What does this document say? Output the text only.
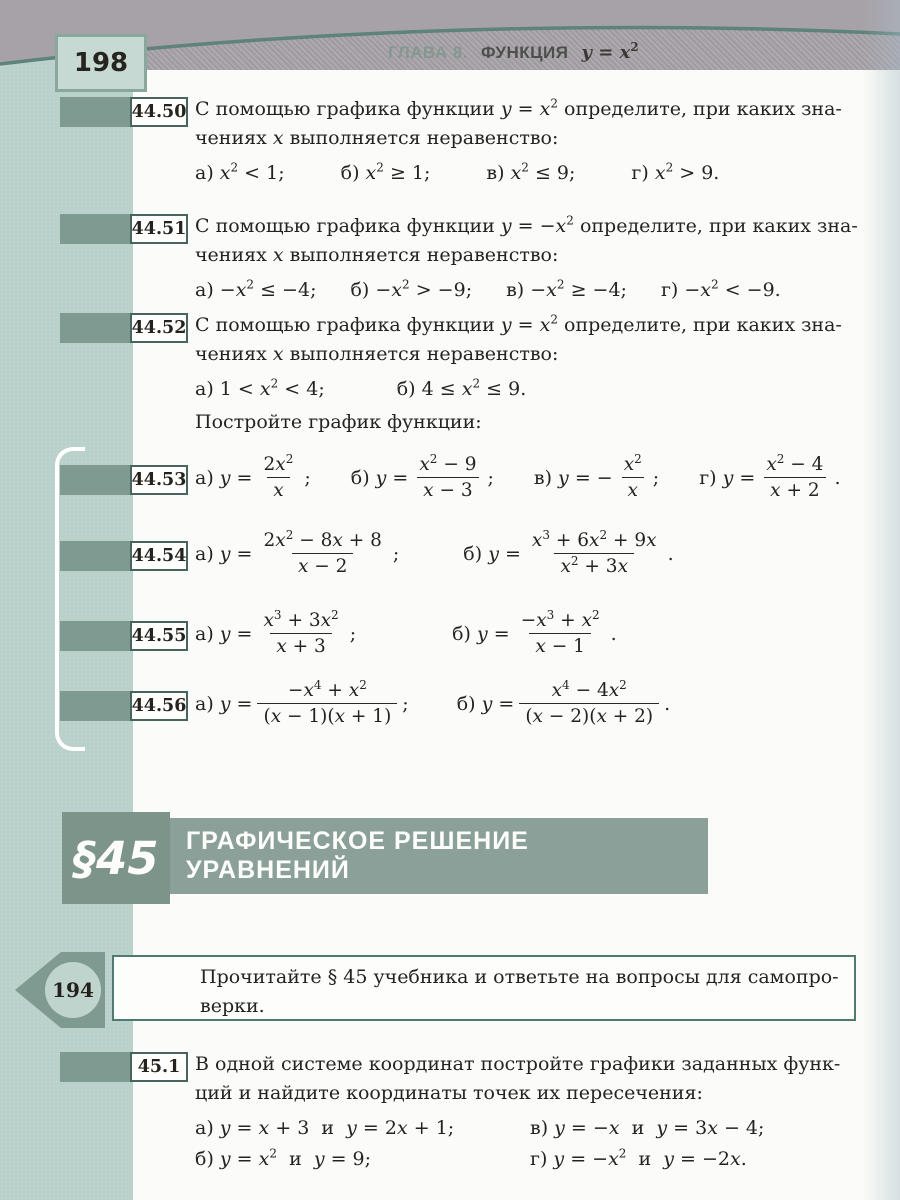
198	ГЛАВА 8. ФУНКЦИЯ $y = x^2$
44.50 С помощью графика функции $y = x^2$ определите, при каких зна-
чениях x выполняется неравенство:
а) $x^2 < 1$;	б) $x^2 \ge 1$;	в) $x^2 \le 9$;	г) $x^2 > 9$.
44.51 С помощью графика функции $y = -x^2$ определите, при каких зна-
чениях x выполняется неравенство:
$а) -x^2 \le -4$; $б) -x^2 > -9$; $в) -x^2 \ge -4$; $г) -x^2 < -9$.
44.52 С помощью графика функции $y = x^2$ определите, при каких зна-
чениях x выполняется неравенство:
а) $1 < x^2 < 4$;	б) $4 \le x^2 \le 9$.
Постройте график функции:
44.53 а) $y = \frac{2x^2}{x}$ ; б) $y = \frac{x^2 - 9}{x - 3}$ ; в) y = − $\frac{x^2}{x}$ ; г) $y = \frac{x^2 - 4}{x + 2}$ .
44.54 а) $y = \frac{2x^2 - 8x + 8}{x - 2}$ ;	б) $y = \frac{x^3 + 6x^2 + 9x}{x^2 + 3x}$ .
44.55 а) $y = \frac{x^3 + 3x^2}{x + 3}$ ;	б) $y = \frac{-x^3 + x^2}{x - 1}$ .
44.56 а) $y = \frac{-x^4 + x^2}{(x - 1)(x + 1)}$ ;	б) $y = \frac{x^4 - 4x^2}{(x - 2)(x + 2)}$ .
§45	ГРАФИЧЕСКОЕ РЕШЕНИЕ
УРАВНЕНИЙ
Прочитайте § 45 учебника и ответьте на вопросы для самопро-
верки.
194
45.1 В одной системе координат постройте графики заданных функ-
ций и найдите координаты точек их пересечения:
а) y = x + 3  и  y = 2x + 1;	в) y = −x  и  y = 3x − 4;
б) $y = x^2$  и  y = 9;	г) $y = -x^2$  и  y = −2x.
